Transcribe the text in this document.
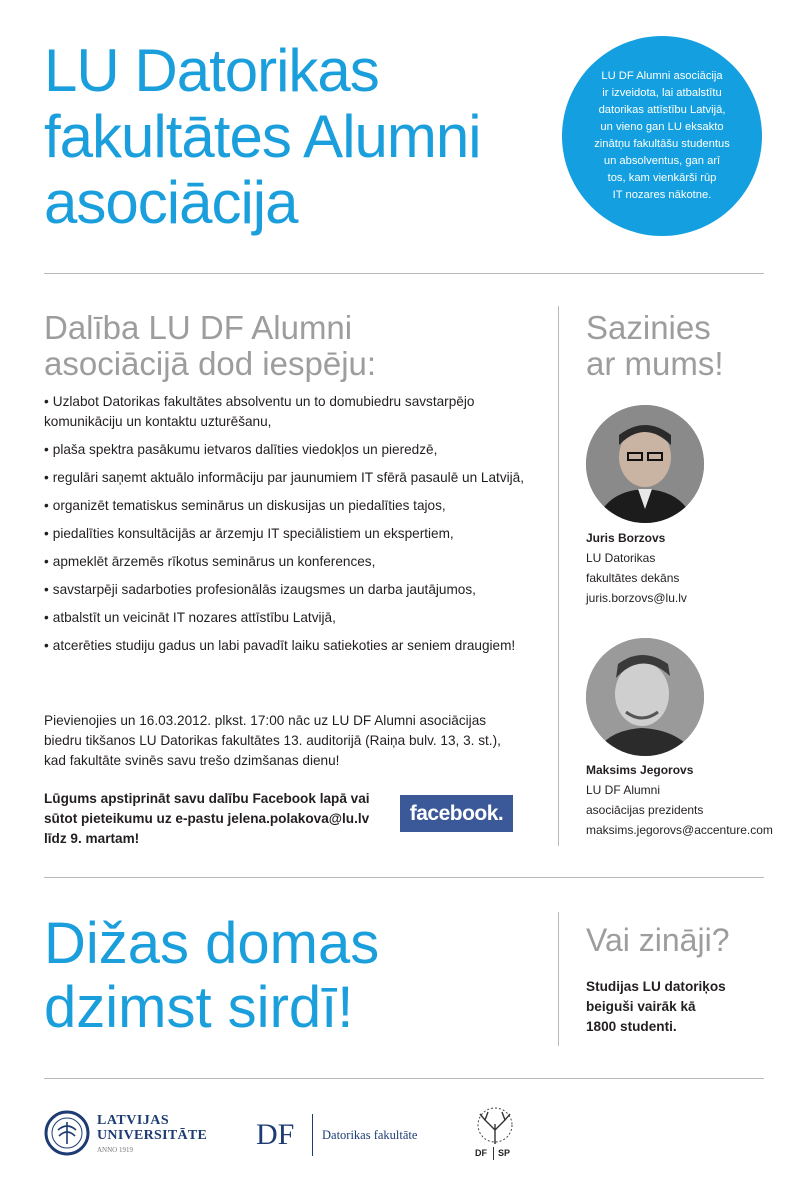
LU Datorikas
fakultātes Alumni
asociācija
LU DF Alumni asociācija
ir izveidota, lai atbalstītu
datorikas attīstību Latvijā,
un vieno gan LU eksakto
zinātņu fakultāšu studentus
un absolventus, gan arī
tos, kam vienkārši rūp
IT nozares nākotne.
Dalība LU DF Alumni
asociācijā dod iespēju:
• Uzlabot Datorikas fakultātes absolventu un to domubiedru savstarpējo komunikāciju un kontaktu uzturēšanu,
• plaša spektra pasākumu ietvaros dalīties viedokļos un pieredzē,
• regulāri saņemt aktuālo informāciju par jaunumiem IT sfērā pasaulē un Latvijā,
• organizēt tematiskus seminārus un diskusijas un piedalīties tajos,
• piedalīties konsultācijās ar ārzemju IT speciālistiem un ekspertiem,
• apmeklēt ārzemēs rīkotus seminārus un konferences,
• savstarpēji sadarboties profesionālās izaugsmes un darba jautājumos,
• atbalstīt un veicināt IT nozares attīstību Latvijā,
• atcerēties studiju gadus un labi pavadīt laiku satiekoties ar seniem draugiem!
Pievienojies un 16.03.2012. plkst. 17:00 nāc uz LU DF Alumni asociācijas biedru tikšanos LU Datorikas fakultātes 13. auditorijā (Raiņa bulv. 13, 3. st.), kad fakultāte svinēs savu trešo dzimšanas dienu!
Lūgums apstiprināt savu dalību Facebook lapā vai sūtot pieteikumu uz e-pastu jelena.polakova@lu.lv līdz 9. martam!
facebook.
Sazinies
ar mums!
Juris Borzovs
LU Datorikas
fakultātes dekāns
juris.borzovs@lu.lv
Maksims Jegorovs
LU DF Alumni
asociācijas prezidents
maksims.jegorovs@accenture.com
Dižas domas
dzimst sirdī!
Vai zināji?
Studijas LU datoriķos
beiguši vairāk kā
1800 studenti.
LATVIJAS
UNIVERSITĀTE
ANNO 1919	DF Datorikas fakultāte
DF SP
